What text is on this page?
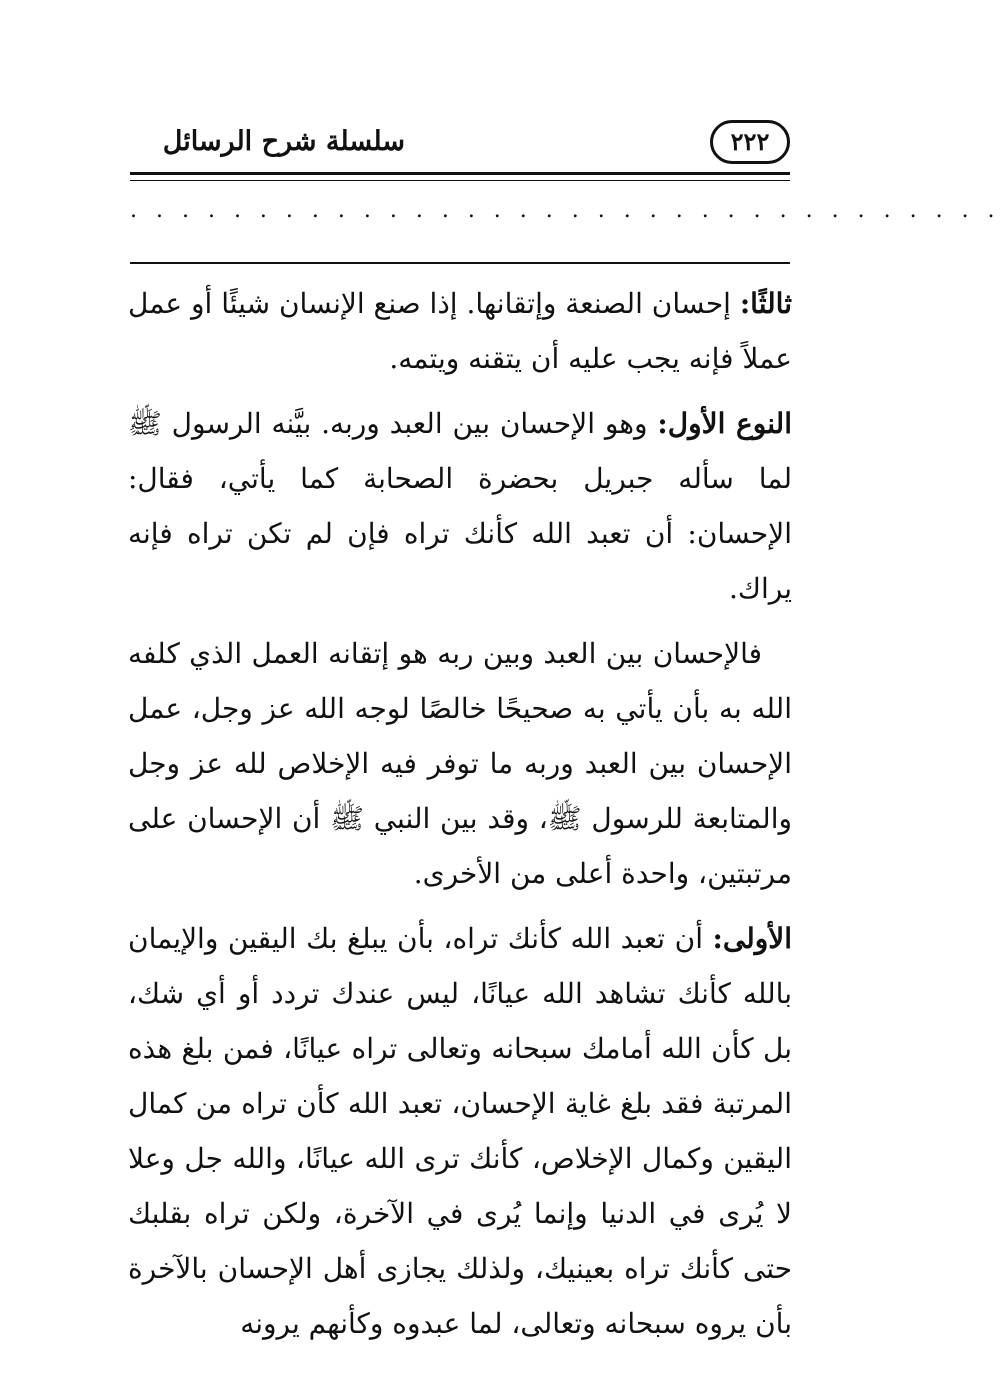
سلسلة شرح الرسائل	٢٢٢
. . . . . . . . . . . . . . . . . . . . . . . . . . . . . . . . . .

ثالثًا: إحسان الصنعة وإتقانها. إذا صنع الإنسان شيئًا أو عمل عملاً فإنه يجب عليه أن يتقنه ويتمه.

النوع الأول: وهو الإحسان بين العبد وربه. بيَّنه الرسول ﷺ لما سأله جبريل بحضرة الصحابة كما يأتي، فقال: الإحسان: أن تعبد الله كأنك تراه فإن لم تكن تراه فإنه يراك.

فالإحسان بين العبد وبين ربه هو إتقانه العمل الذي كلفه الله به بأن يأتي به صحيحًا خالصًا لوجه الله عز وجل، عمل الإحسان بين العبد وربه ما توفر فيه الإخلاص لله عز وجل والمتابعة للرسول ﷺ، وقد بين النبي ﷺ أن الإحسان على مرتبتين، واحدة أعلى من الأخرى.

الأولى: أن تعبد الله كأنك تراه، بأن يبلغ بك اليقين والإيمان بالله كأنك تشاهد الله عيانًا، ليس عندك تردد أو أي شك، بل كأن الله أمامك سبحانه وتعالى تراه عيانًا، فمن بلغ هذه المرتبة فقد بلغ غاية الإحسان، تعبد الله كأن تراه من كمال اليقين وكمال الإخلاص، كأنك ترى الله عيانًا، والله جل وعلا لا يُرى في الدنيا وإنما يُرى في الآخرة، ولكن تراه بقلبك حتى كأنك تراه بعينيك، ولذلك يجازى أهل الإحسان بالآخرة بأن يروه سبحانه وتعالى، لما عبدوه وكأنهم يرونه
